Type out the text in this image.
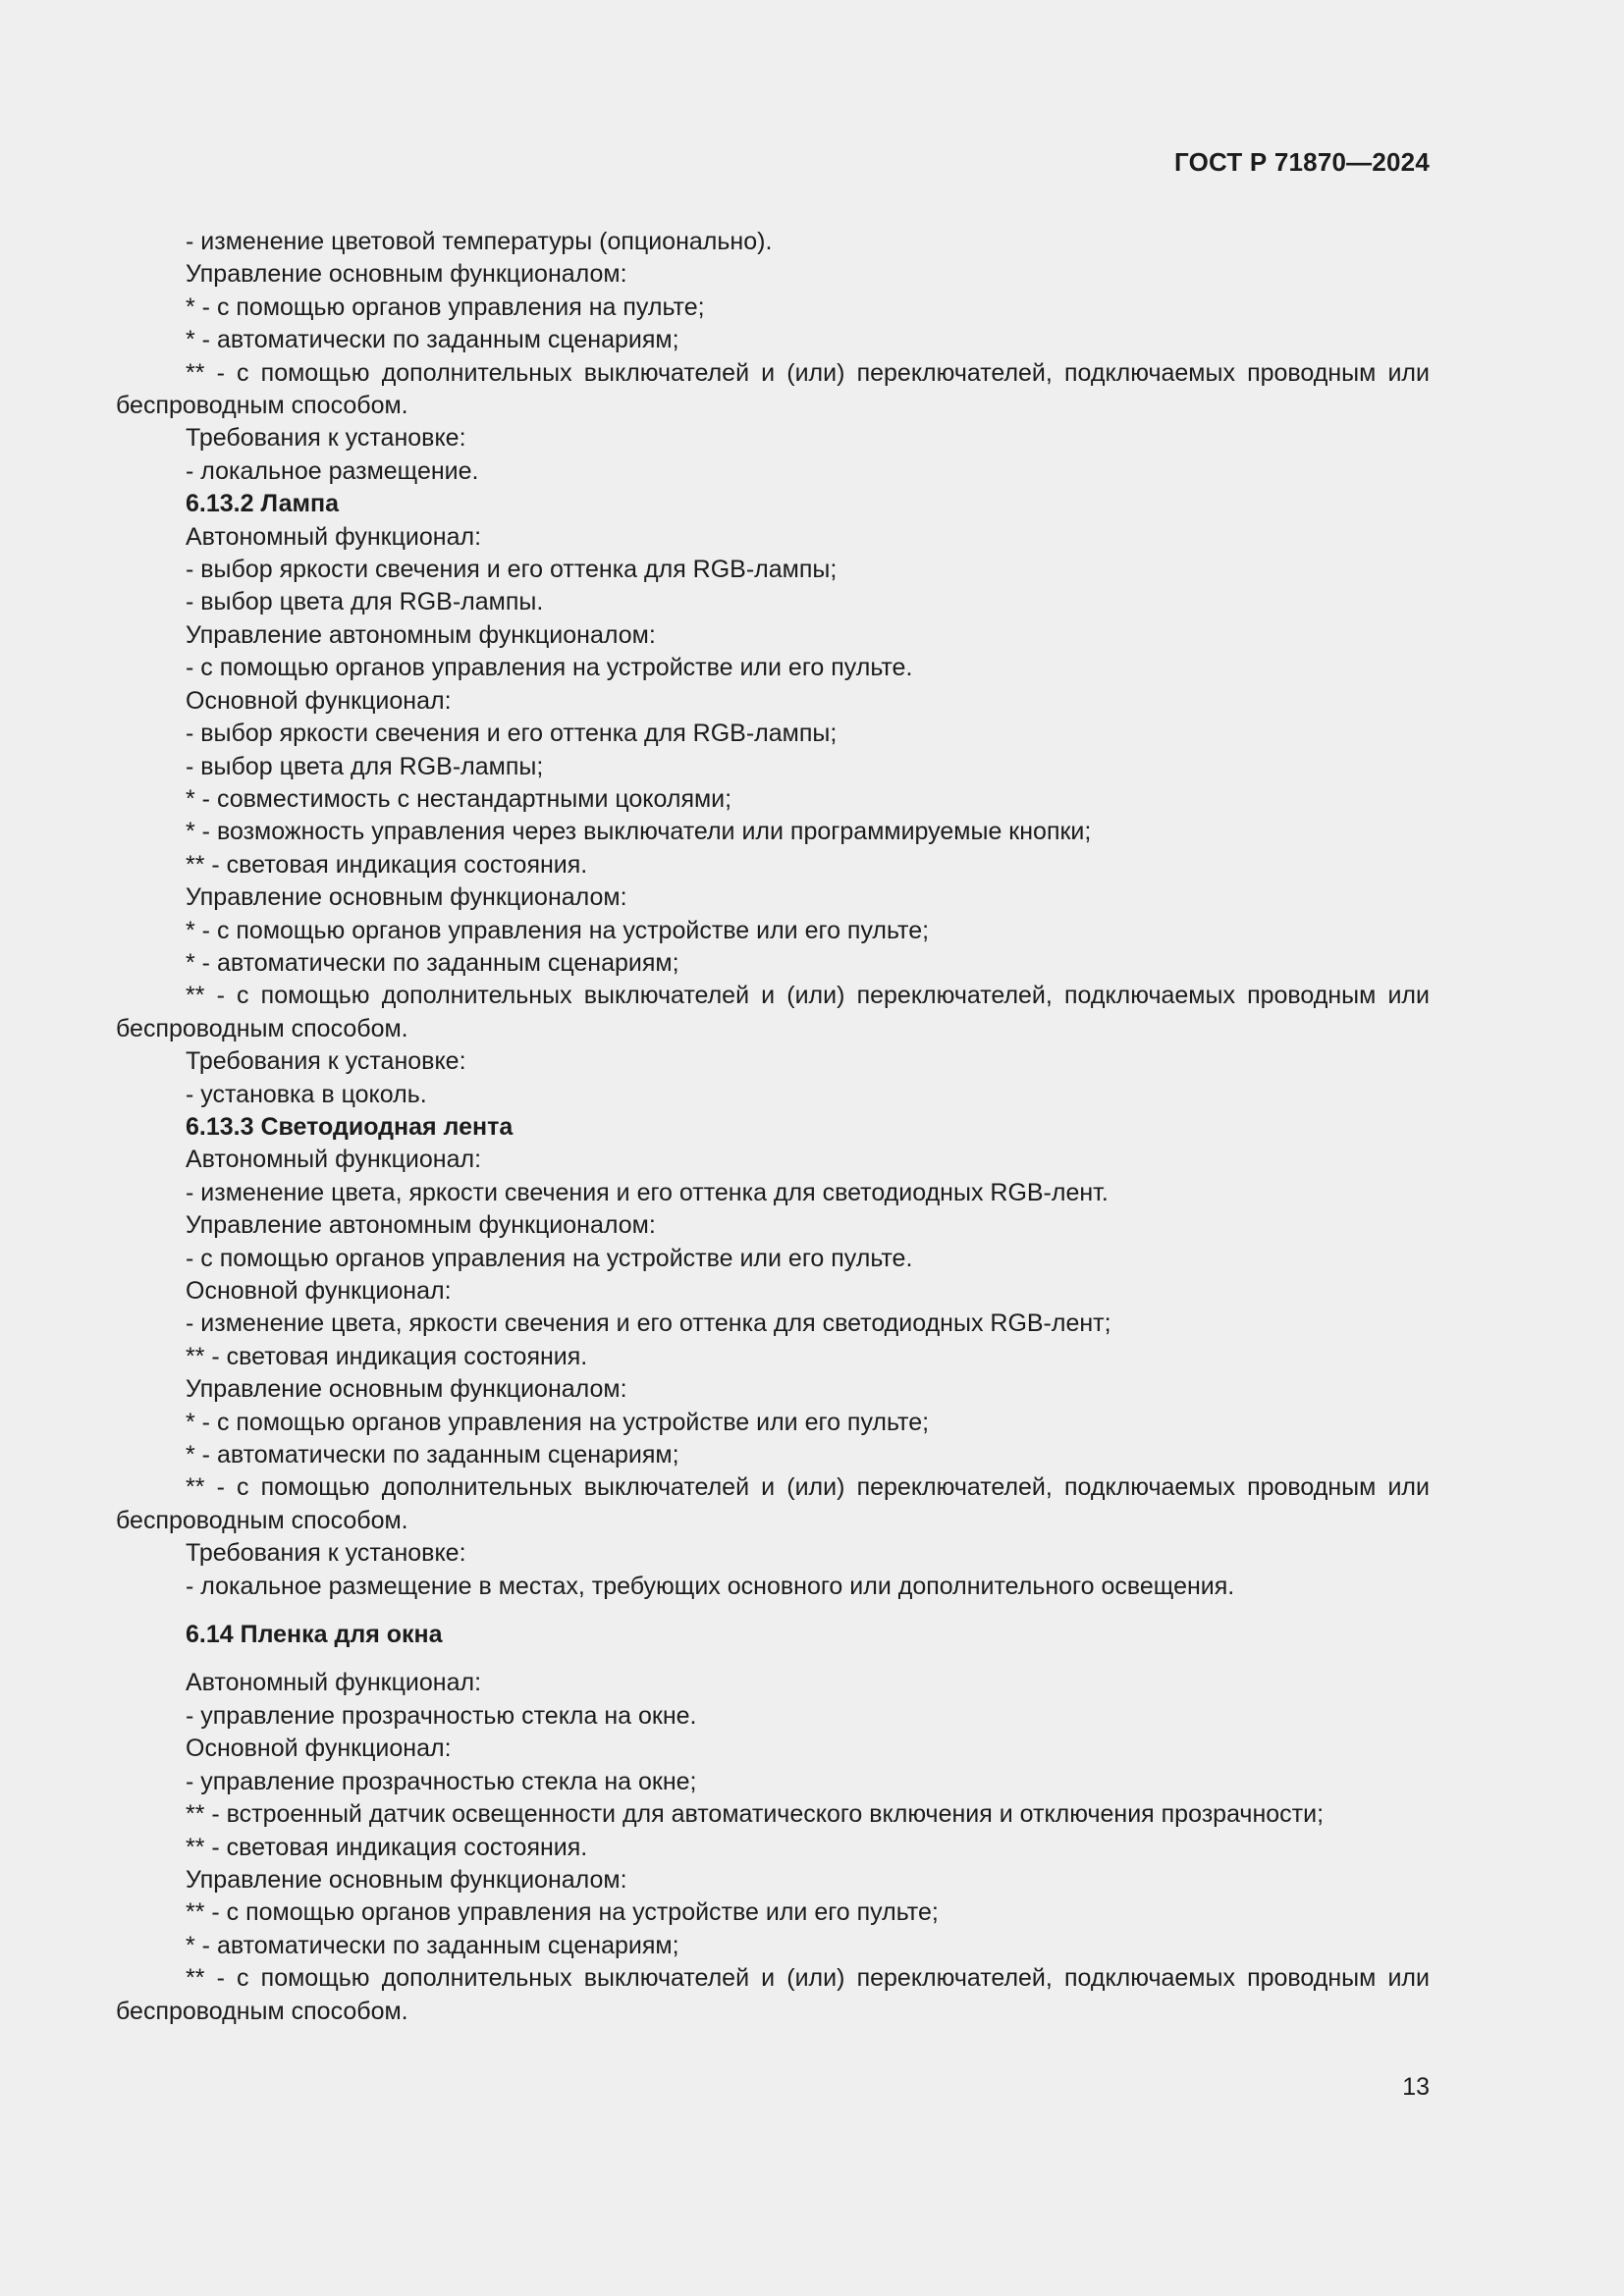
ГОСТ Р 71870—2024

- изменение цветовой температуры (опционально).

Управление основным функционалом:

* - с помощью органов управления на пульте;

* - автоматически по заданным сценариям;

** - с помощью дополнительных выключателей и (или) переключателей, подключаемых проводным или беспроводным способом.

Требования к установке:

- локальное размещение.

6.13.2 Лампа

Автономный функционал:

- выбор яркости свечения и его оттенка для RGB-лампы;

- выбор цвета для RGB-лампы.

Управление автономным функционалом:

- с помощью органов управления на устройстве или его пульте.

Основной функционал:

- выбор яркости свечения и его оттенка для RGB-лампы;

- выбор цвета для RGB-лампы;

* - совместимость с нестандартными цоколями;

* - возможность управления через выключатели или программируемые кнопки;

** - световая индикация состояния.

Управление основным функционалом:

* - с помощью органов управления на устройстве или его пульте;

* - автоматически по заданным сценариям;

** - с помощью дополнительных выключателей и (или) переключателей, подключаемых проводным или беспроводным способом.

Требования к установке:

- установка в цоколь.

6.13.3 Светодиодная лента

Автономный функционал:

- изменение цвета, яркости свечения и его оттенка для светодиодных RGB-лент.

Управление автономным функционалом:

- с помощью органов управления на устройстве или его пульте.

Основной функционал:

- изменение цвета, яркости свечения и его оттенка для светодиодных RGB-лент;

** - световая индикация состояния.

Управление основным функционалом:

* - с помощью органов управления на устройстве или его пульте;

* - автоматически по заданным сценариям;

** - с помощью дополнительных выключателей и (или) переключателей, подключаемых проводным или беспроводным способом.

Требования к установке:

- локальное размещение в местах, требующих основного или дополнительного освещения.

6.14 Пленка для окна

Автономный функционал:

- управление прозрачностью стекла на окне.

Основной функционал:

- управление прозрачностью стекла на окне;

** - встроенный датчик освещенности для автоматического включения и отключения прозрачности;

** - световая индикация состояния.

Управление основным функционалом:

** - с помощью органов управления на устройстве или его пульте;

* - автоматически по заданным сценариям;

** - с помощью дополнительных выключателей и (или) переключателей, подключаемых проводным или беспроводным способом.

13
